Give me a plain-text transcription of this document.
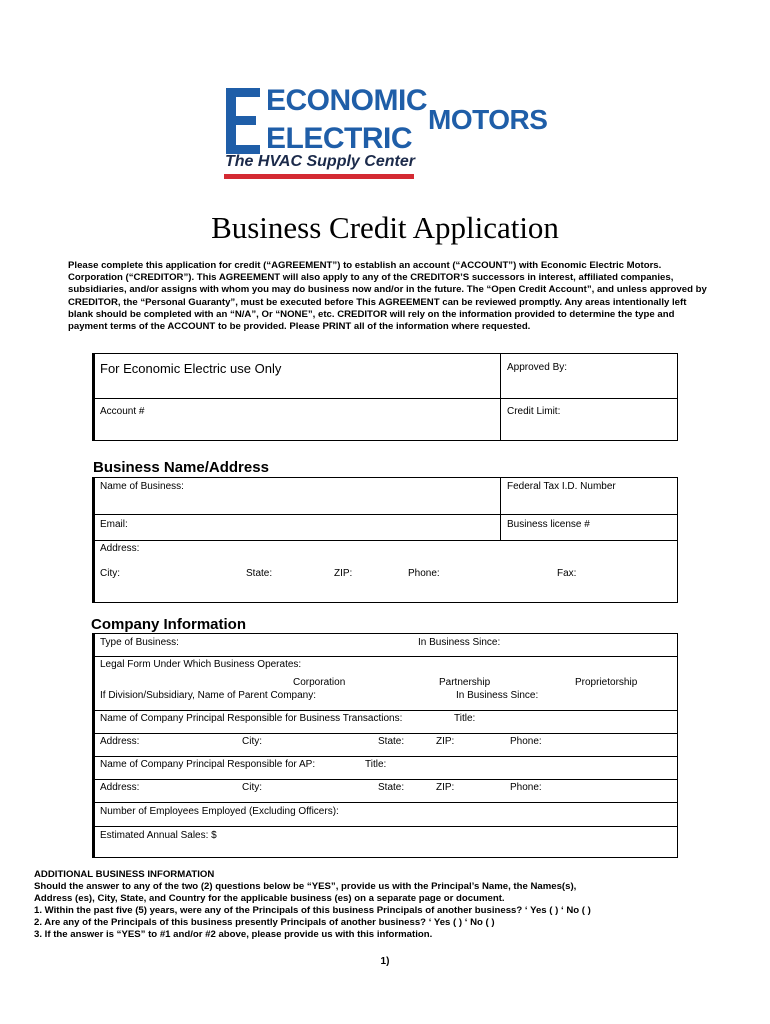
ECONOMIC
ELECTRIC
MOTORS
The HVAC Supply Center
Business Credit Application
Please complete this application for credit (“AGREEMENT”) to establish an account (“ACCOUNT”) with Economic Electric Motors. Corporation (“CREDITOR”). This AGREEMENT will also apply to any of the CREDITOR’S successors in interest, affiliated companies, subsidiaries, and/or assigns with whom you may do business now and/or in the future. The “Open Credit Account”, and unless approved by CREDITOR, the “Personal Guaranty”, must be executed before This AGREEMENT can be reviewed promptly. Any areas intentionally left blank should be completed with an “N/A”, Or “NONE”, etc. CREDITOR will rely on the information provided to determine the type and payment terms of the ACCOUNT to be provided. Please PRINT all of the information where requested.
For Economic Electric use Only	Approved By:
Account #	Credit Limit:
Business Name/Address
Name of Business:	Federal Tax I.D. Number
Email:	Business license #
Address:
City:	State:	ZIP:	Phone:	Fax:
Company Information
Type of Business:	In Business Since:
Legal Form Under Which Business Operates:
Corporation	Partnership	Proprietorship
If Division/Subsidiary, Name of Parent Company:	In Business Since:
Name of Company Principal Responsible for Business Transactions:	Title:
Address:	City:	State:	ZIP:	Phone:
Name of Company Principal Responsible for AP:	Title:
Address:	City:	State:	ZIP:	Phone:
Number of Employees Employed (Excluding Officers):
Estimated Annual Sales: $
ADDITIONAL BUSINESS INFORMATION
Should the answer to any of the two (2) questions below be “YES”, provide us with the Principal’s Name, the Names(s),
Address (es), City, State, and Country for the applicable business (es) on a separate page or document.
1. Within the past five (5) years, were any of the Principals of this business Principals of another business? ‘ Yes ( ) ‘ No ( )
2. Are any of the Principals of this business presently Principals of another business? ‘ Yes ( ) ‘ No ( )
3. If the answer is “YES” to #1 and/or #2 above, please provide us with this information.
1)
